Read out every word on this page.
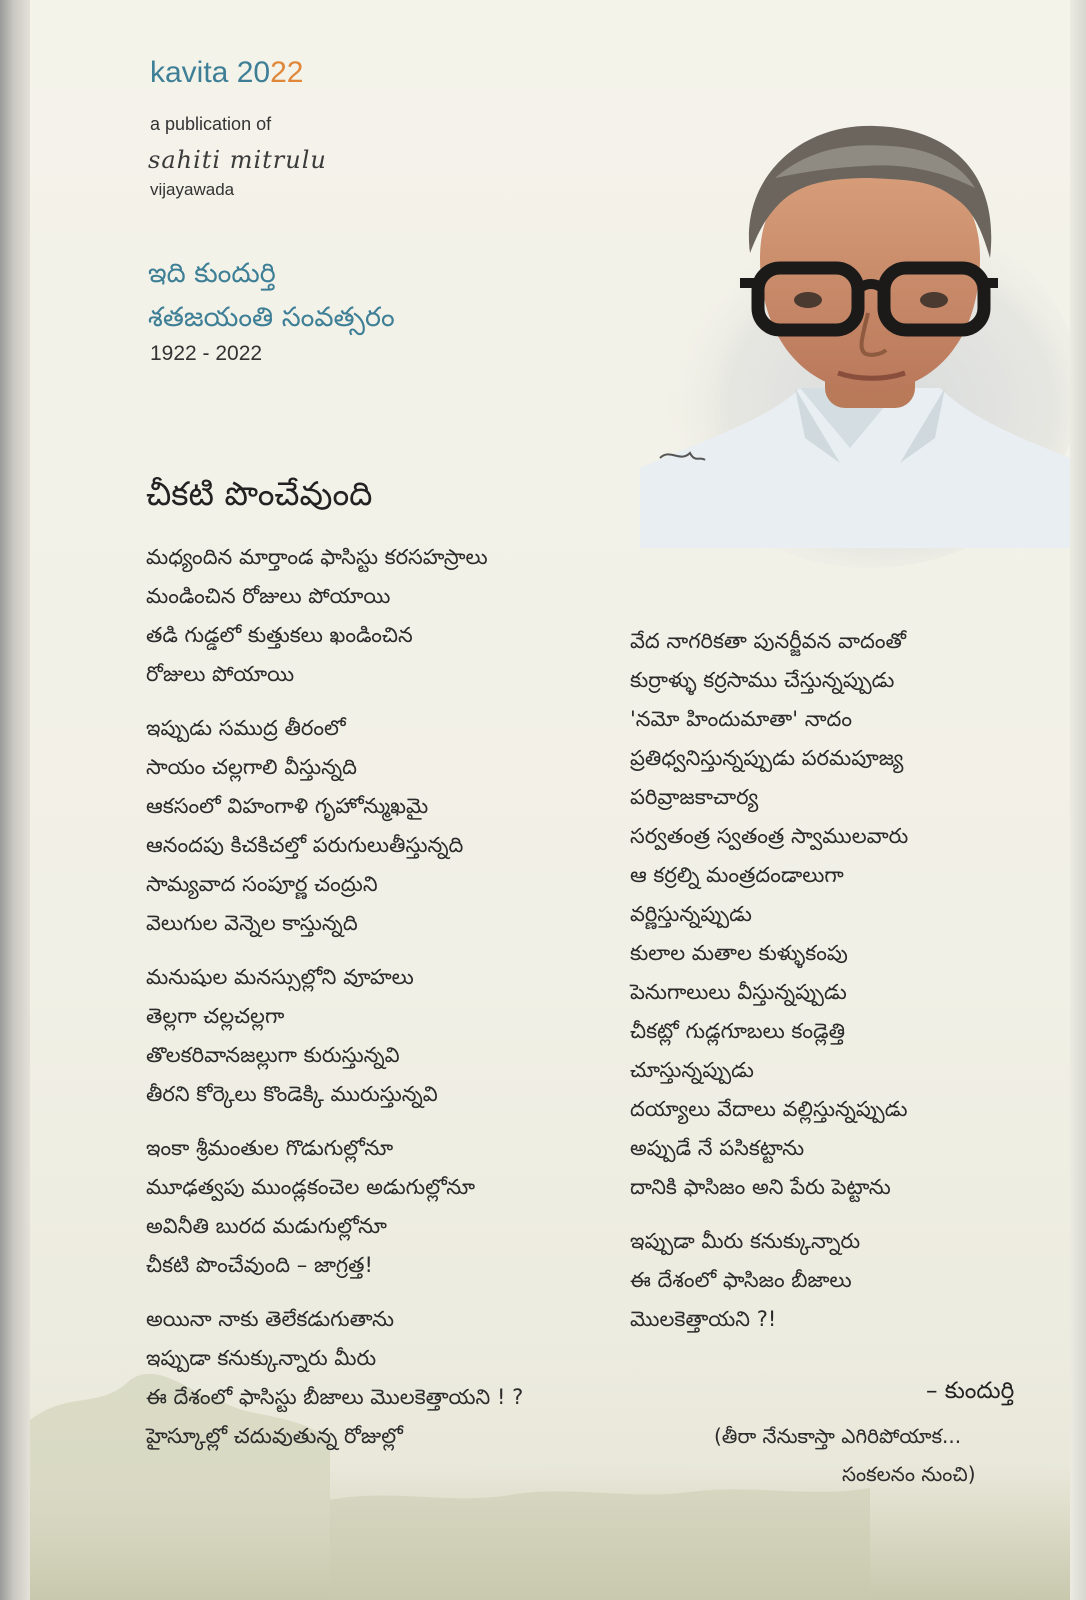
kavita 2022
a publication of
sahiti mitrulu
vijayawada
ఇది కుందుర్తి
శతజయంతి సంవత్సరం
1922 - 2022
చీకటి పొంచేవుంది
మధ్యందిన మార్తాండ ఫాసిస్టు కరసహస్రాలు
మండించిన రోజులు పోయాయి
తడి గుడ్డలో కుత్తుకలు ఖండించిన
రోజులు పోయాయి
ఇప్పుడు సముద్ర తీరంలో
సాయం చల్లగాలి వీస్తున్నది
ఆకసంలో విహంగాళి గృహోన్ముఖమై
ఆనందపు కిచకిచల్తో పరుగులుతీస్తున్నది
సామ్యవాద సంపూర్ణ చంద్రుని
వెలుగుల వెన్నెల కాస్తున్నది
మనుషుల మనస్సుల్లోని వూహలు
తెల్లగా చల్లచల్లగా
తొలకరివానజల్లుగా కురుస్తున్నవి
తీరని కోర్కెలు కొండెక్కి మురుస్తున్నవి
ఇంకా శ్రీమంతుల గొడుగుల్లోనూ
మూఢత్వపు ముండ్లకంచెల అడుగుల్లోనూ
అవినీతి బురద మడుగుల్లోనూ
చీకటి పొంచేవుంది – జాగ్రత్త!
అయినా నాకు తెలేకడుగుతాను
ఇప్పుడా కనుక్కున్నారు మీరు
ఈ దేశంలో ఫాసిస్టు బీజాలు మొలకెత్తాయని ! ?
హైస్కూల్లో చదువుతున్న రోజుల్లో
వేద నాగరికతా పునర్జీవన వాదంతో
కుర్రాళ్ళు కర్రసాము చేస్తున్నప్పుడు
'నమో హిందుమాతా' నాదం
ప్రతిధ్వనిస్తున్నప్పుడు పరమపూజ్య
పరివ్రాజకాచార్య
సర్వతంత్ర స్వతంత్ర స్వాములవారు
ఆ కర్రల్ని మంత్రదండాలుగా
వర్ణిస్తున్నప్పుడు
కులాల మతాల కుళ్ళుకంపు
పెనుగాలులు వీస్తున్నప్పుడు
చీకట్లో గుడ్లగూబలు కండ్లెత్తి
చూస్తున్నప్పుడు
దయ్యాలు వేదాలు వల్లిస్తున్నప్పుడు
అప్పుడే నే పసికట్టాను
దానికి ఫాసిజం అని పేరు పెట్టాను
ఇప్పుడా మీరు కనుక్కున్నారు
ఈ దేశంలో ఫాసిజం బీజాలు
మొలకెత్తాయని ?!
– కుందుర్తి
(తీరా నేనుకాస్తా ఎగిరిపోయాక...
సంకలనం నుంచి)
